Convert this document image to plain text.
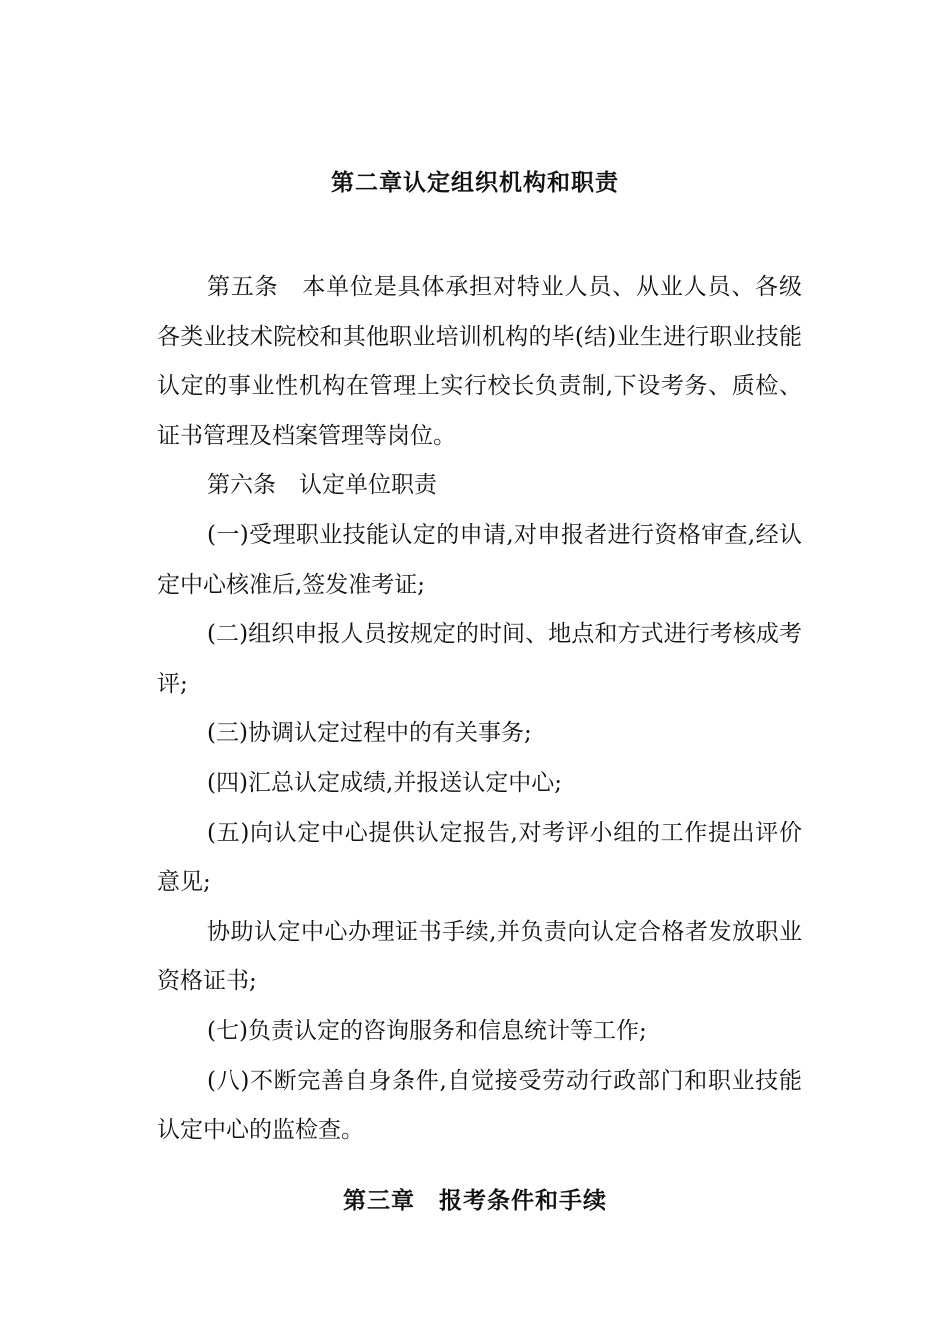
第二章认定组织机构和职责

第五条　本单位是具体承担对特业人员、从业人员、各级各类业技术院校和其他职业培训机构的毕(结)业生进行职业技能认定的事业性机构在管理上实行校长负责制,下设考务、质检、证书管理及档案管理等岗位。

第六条　认定单位职责

(一)受理职业技能认定的申请,对申报者进行资格审查,经认定中心核准后,签发准考证;

(二)组织申报人员按规定的时间、地点和方式进行考核成考评;

(三)协调认定过程中的有关事务;

(四)汇总认定成绩,并报送认定中心;

(五)向认定中心提供认定报告,对考评小组的工作提出评价意见;

协助认定中心办理证书手续,并负责向认定合格者发放职业资格证书;

(七)负责认定的咨询服务和信息统计等工作;

(八)不断完善自身条件,自觉接受劳动行政部门和职业技能认定中心的监检查。

第三章　报考条件和手续
